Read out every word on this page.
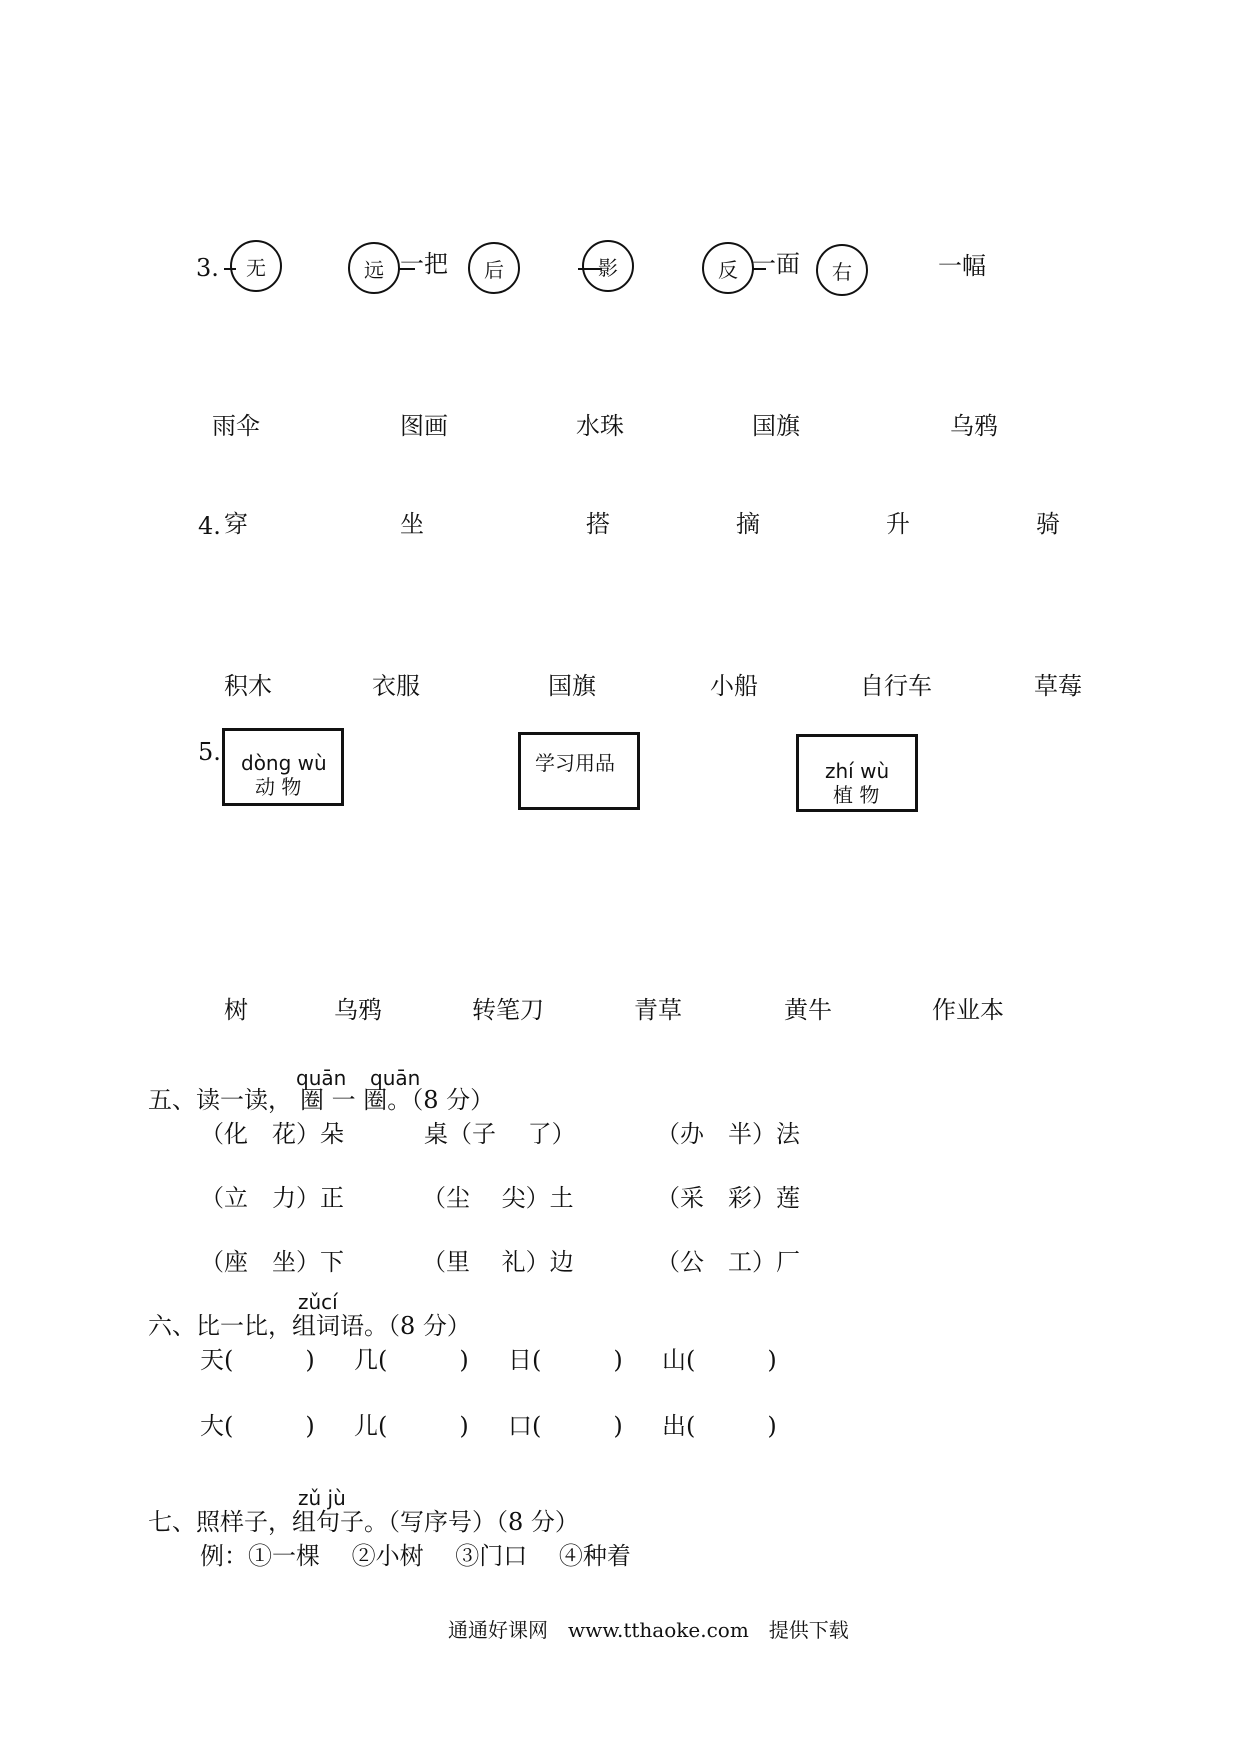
3.	无	远 一把	后	影	反 一面	右	一幅
雨伞	图画	水珠	国旗	乌鸦
4. 穿	坐	搭	摘	升	骑
积木	衣服	国旗	小船	自行车	草莓
5. dòng wù
动 物
学习用品	zhí wù
植 物
树	乌鸦	转笔刀	青草	黄牛	作业本
quān quān
五、读一读， 圈 一 圈。（8 分）
（化　花）朵	桌（子　 了）	（办　半）法
（立　力）正	（尘　 尖）土	（采　彩）莲
（座　坐）下	（里　 礼）边	（公　工）厂
zǔcí
六、比一比，组词语。（8 分）
天(　　　) 几(　　　) 日(　　　) 山(　　　)
大(　　　) 儿(　　　) 口(　　　) 出(　　　)
zǔ jù
七、照样子，组句子。（写序号）（8 分）
例：①一棵　 ②小树　 ③门口　 ④种着
通通好课网　www.tthaoke.com　提供下载
